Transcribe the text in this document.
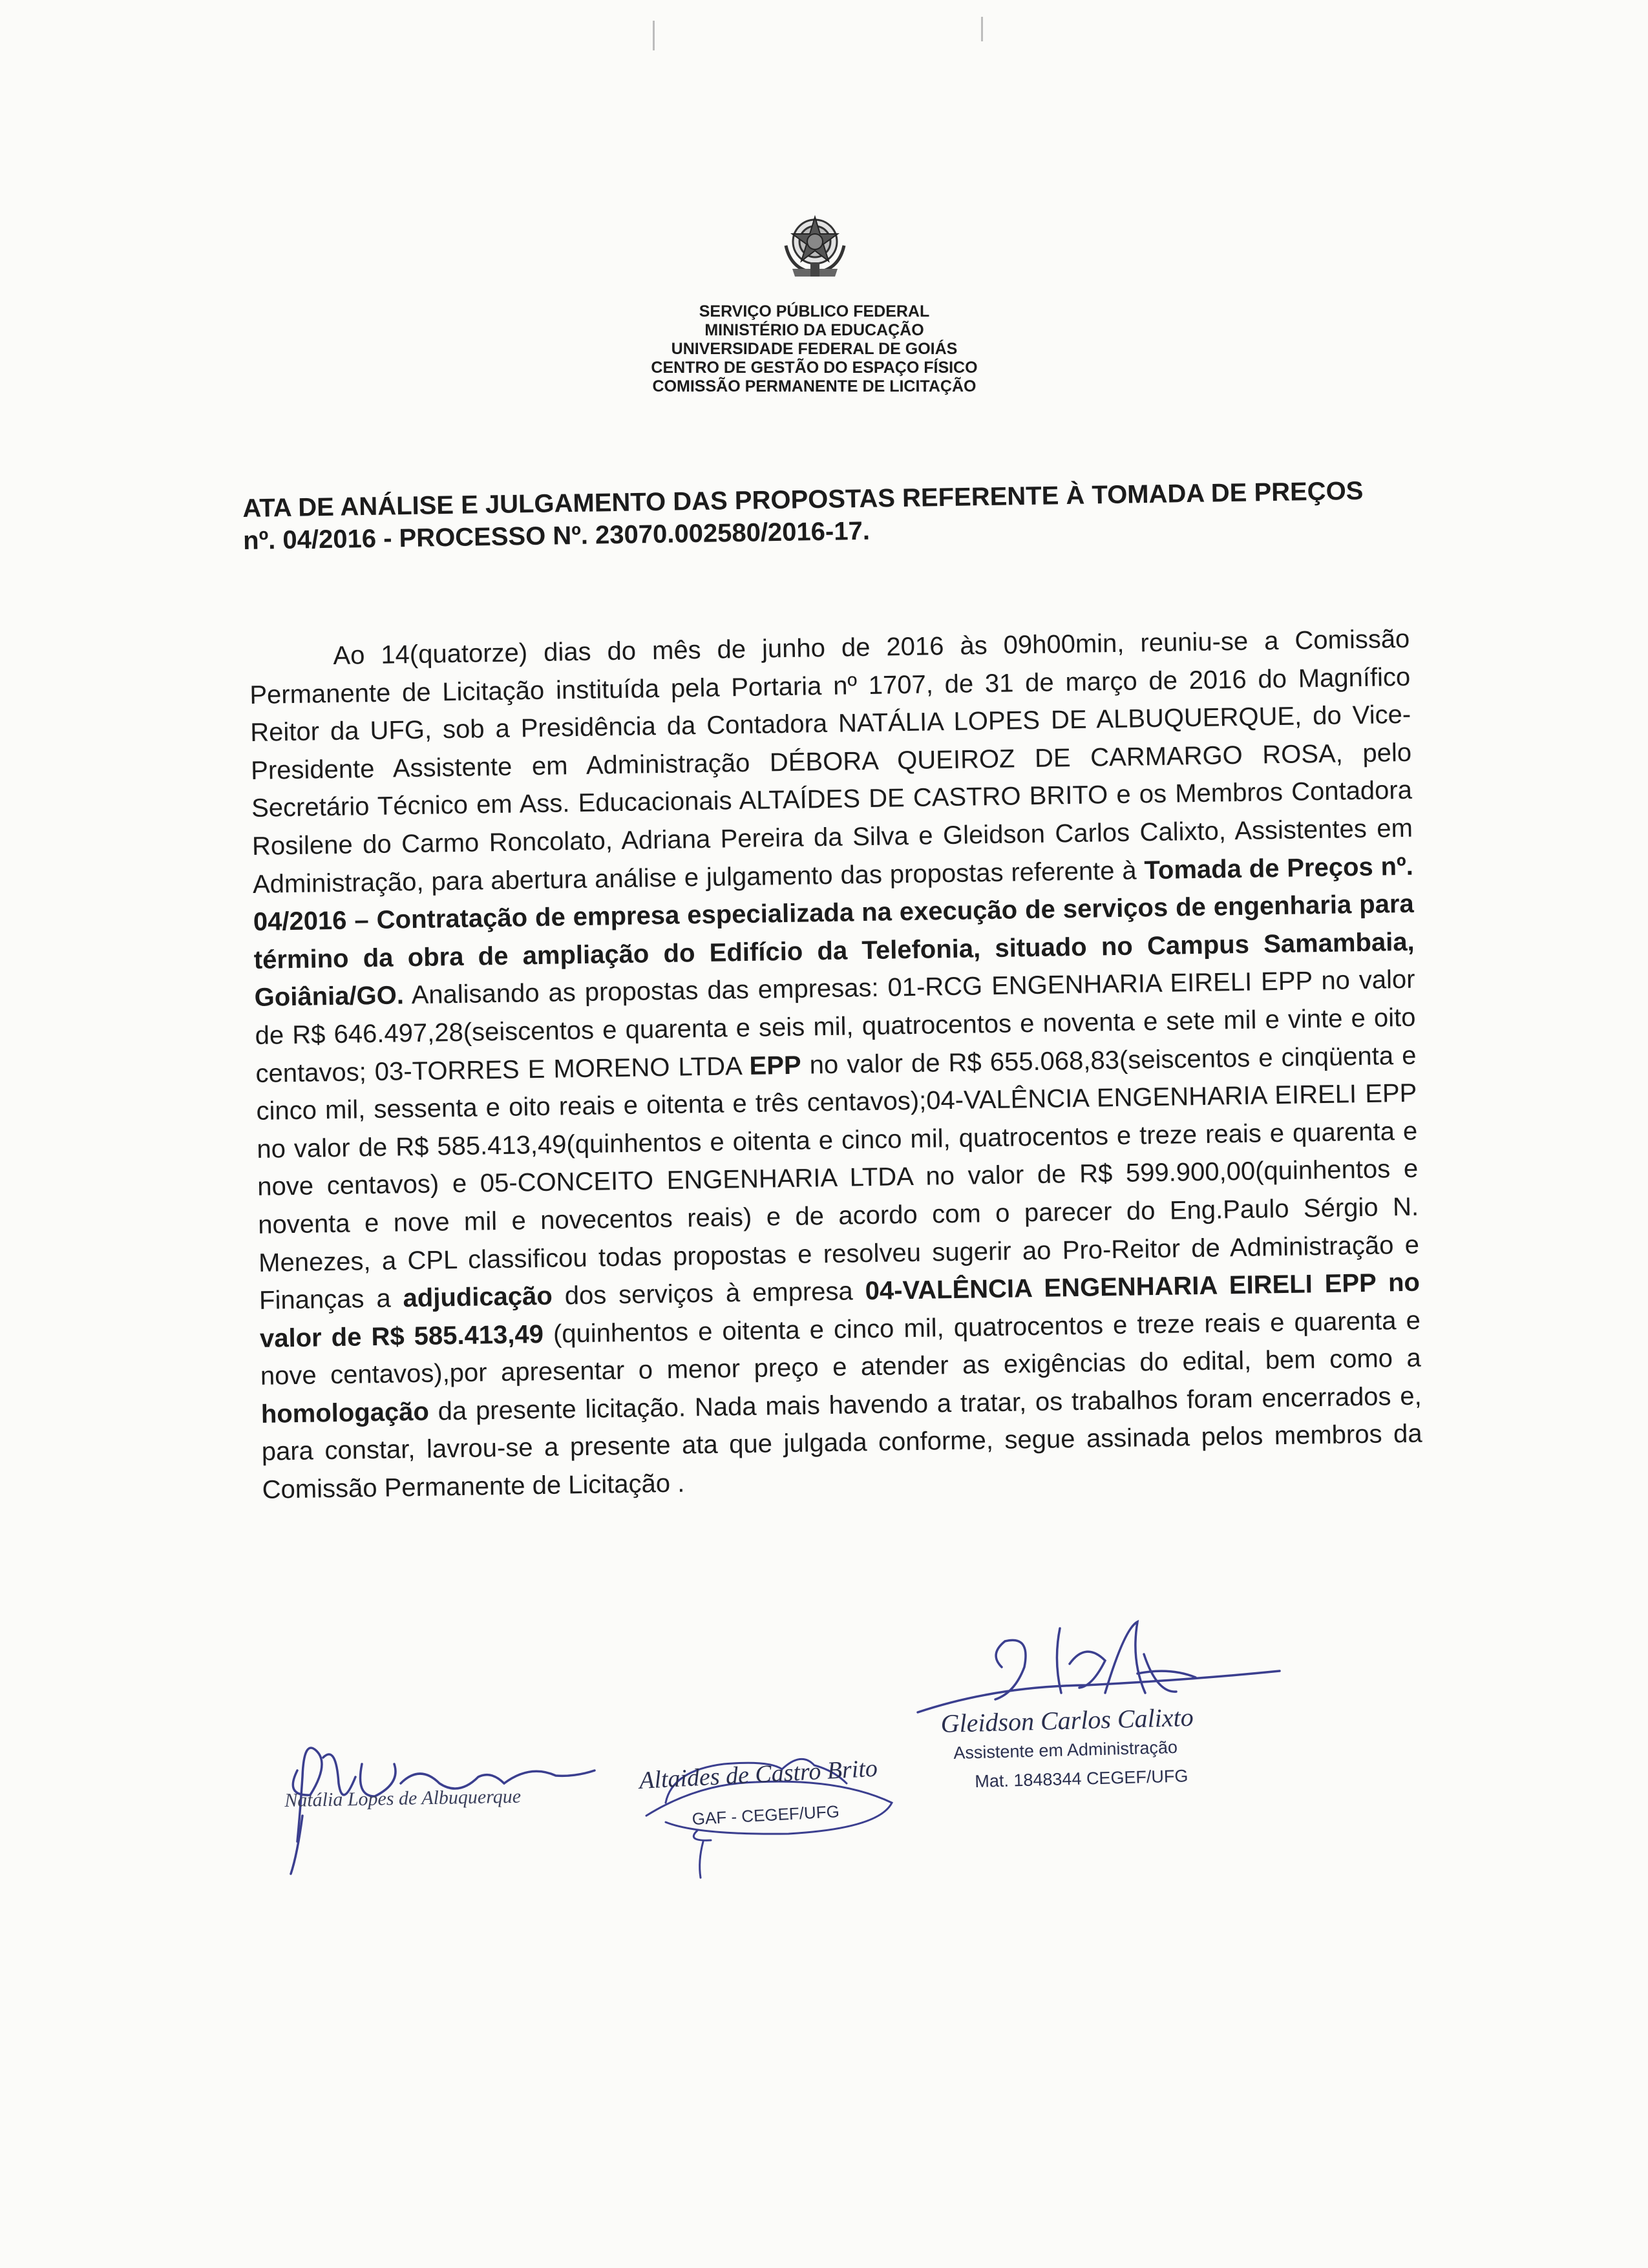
SERVIÇO PÚBLICO FEDERAL
MINISTÉRIO DA EDUCAÇÃO
UNIVERSIDADE FEDERAL DE GOIÁS
CENTRO DE GESTÃO DO ESPAÇO FÍSICO
COMISSÃO PERMANENTE DE LICITAÇÃO
ATA DE ANÁLISE E JULGAMENTO DAS PROPOSTAS REFERENTE À TOMADA DE PREÇOS nº. 04/2016 - PROCESSO Nº. 23070.002580/2016-17.
Ao 14(quatorze) dias do mês de junho de 2016 às 09h00min, reuniu-se a Comissão Permanente de Licitação instituída pela Portaria nº 1707, de 31 de março de 2016 do Magnífico Reitor da UFG, sob a Presidência da Contadora NATÁLIA LOPES DE ALBUQUERQUE, do Vice-Presidente Assistente em Administração DÉBORA QUEIROZ DE CARMARGO ROSA, pelo Secretário Técnico em Ass. Educacionais ALTAÍDES DE CASTRO BRITO e os Membros Contadora Rosilene do Carmo Roncolato, Adriana Pereira da Silva e Gleidson Carlos Calixto, Assistentes em Administração, para abertura análise e julgamento das propostas referente à Tomada de Preços nº. 04/2016 – Contratação de empresa especializada na execução de serviços de engenharia para término da obra de ampliação do Edifício da Telefonia, situado no Campus Samambaia, Goiânia/GO. Analisando as propostas das empresas: 01-RCG ENGENHARIA EIRELI EPP no valor de R$ 646.497,28(seiscentos e quarenta e seis mil, quatrocentos e noventa e sete mil e vinte e oito centavos; 03-TORRES E MORENO LTDA EPP no valor de R$ 655.068,83(seiscentos e cinqüenta e cinco mil, sessenta e oito reais e oitenta e três centavos);04-VALÊNCIA ENGENHARIA EIRELI EPP no valor de R$ 585.413,49(quinhentos e oitenta e cinco mil, quatrocentos e treze reais e quarenta e nove centavos) e 05-CONCEITO ENGENHARIA LTDA no valor de R$ 599.900,00(quinhentos e noventa e nove mil e novecentos reais) e de acordo com o parecer do Eng.Paulo Sérgio N. Menezes, a CPL classificou todas propostas e resolveu sugerir ao Pro-Reitor de Administração e Finanças a adjudicação dos serviços à empresa 04-VALÊNCIA ENGENHARIA EIRELI EPP no valor de R$ 585.413,49 (quinhentos e oitenta e cinco mil, quatrocentos e treze reais e quarenta e nove centavos),por apresentar o menor preço e atender as exigências do edital, bem como a homologação da presente licitação. Nada mais havendo a tratar, os trabalhos foram encerrados e, para constar, lavrou-se a presente ata que julgada conforme, segue assinada pelos membros da Comissão Permanente de Licitação .
Gleidson Carlos Calixto
Assistente em Administração
Mat. 1848344 CEGEF/UFG
Altaides de Castro Brito
GAF - CEGEF/UFG
Natália Lopes de Albuquerque
